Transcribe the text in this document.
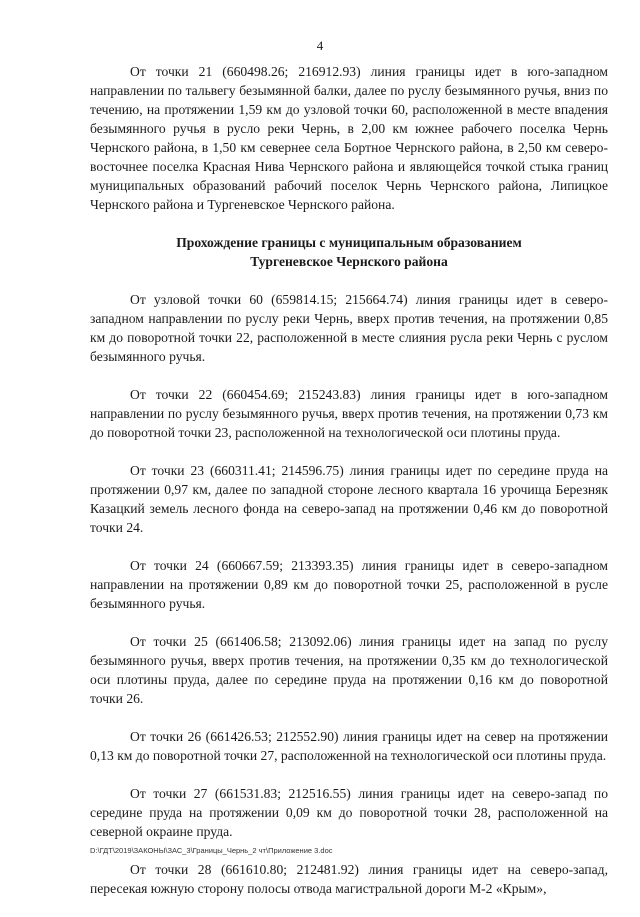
4

От точки 21 (660498.26; 216912.93) линия границы идет в юго-западном направлении по тальвегу безымянной балки, далее по руслу безымянного ручья, вниз по течению, на протяжении 1,59 км до узловой точки 60, расположенной в месте впадения безымянного ручья в русло реки Чернь, в 2,00 км южнее рабочего поселка Чернь Чернского района, в 1,50 км севернее села Бортное Чернского района, в 2,50 км северо-восточнее поселка Красная Нива Чернского района и являющейся точкой стыка границ муниципальных образований рабочий поселок Чернь Чернского района, Липицкое Чернского района и Тургеневское Чернского района.

Прохождение границы с муниципальным образованием
Тургеневское Чернского района

От узловой точки 60 (659814.15; 215664.74) линия границы идет в северо-западном направлении по руслу реки Чернь, вверх против течения, на протяжении 0,85 км до поворотной точки 22, расположенной в месте слияния русла реки Чернь с руслом безымянного ручья.

От точки 22 (660454.69; 215243.83) линия границы идет в юго-западном направлении по руслу безымянного ручья, вверх против течения, на протяжении 0,73 км до поворотной точки 23, расположенной на технологической оси плотины пруда.

От точки 23 (660311.41; 214596.75) линия границы идет по середине пруда на протяжении 0,97 км, далее по западной стороне лесного квартала 16 урочища Березняк Казацкий земель лесного фонда на северо-запад на протяжении 0,46 км до поворотной точки 24.

От точки 24 (660667.59; 213393.35) линия границы идет в северо-западном направлении на протяжении 0,89 км до поворотной точки 25, расположенной в русле безымянного ручья.

От точки 25 (661406.58; 213092.06) линия границы идет на запад по руслу безымянного ручья, вверх против течения, на протяжении 0,35 км до технологической оси плотины пруда, далее по середине пруда на протяжении 0,16 км до поворотной точки 26.

От точки 26 (661426.53; 212552.90) линия границы идет на север на протяжении 0,13 км до поворотной точки 27, расположенной на технологической оси плотины пруда.

От точки 27 (661531.83; 212516.55) линия границы идет на северо-запад по середине пруда на протяжении 0,09 км до поворотной точки 28, расположенной на северной окраине пруда.

От точки 28 (661610.80; 212481.92) линия границы идет на северо-запад, пересекая южную сторону полосы отвода магистральной дороги М-2 «Крым»,

D:\ГДТ\2019\ЗАКОНЫ\ЗАС_3\Границы_Чернь_2 чт\Приложение 3.doc
